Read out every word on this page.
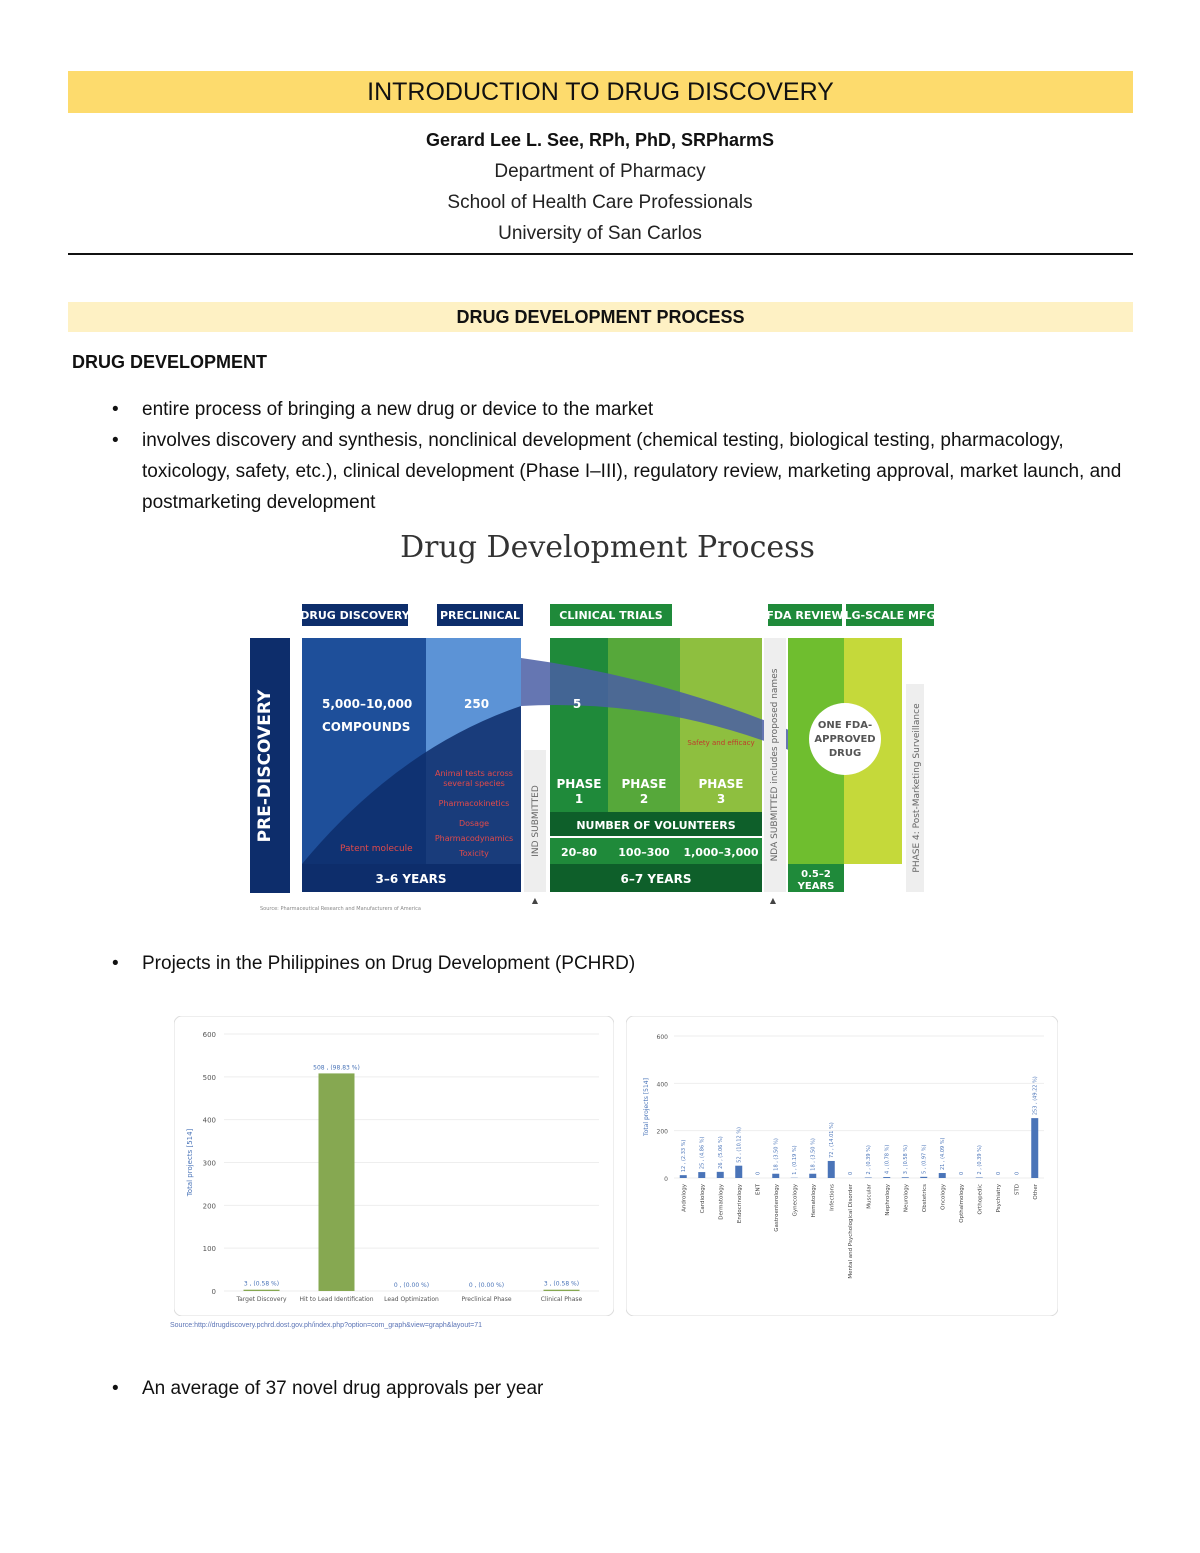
INTRODUCTION TO DRUG DISCOVERY
Gerard Lee L. See, RPh, PhD, SRPharmS
Department of Pharmacy
School of Health Care Professionals
University of San Carlos
DRUG DEVELOPMENT PROCESS
DRUG DEVELOPMENT
•	entire process of bringing a new drug or device to the market
•	involves discovery and synthesis, nonclinical development (chemical testing, biological testing, pharmacology, toxicology, safety, etc.), clinical development (Phase I–III), regulatory review, marketing approval, market launch, and postmarketing development
Drug Development Process
PRE-DISCOVERY
3–6 YEARS
DRUG DISCOVERY	PRECLINICAL	CLINICAL TRIALS	FDA REVIEW LG-SCALE MFG
5,000–10,000
COMPOUNDS
250
Patent molecule
Animal tests across
several species
Pharmacokinetics
Dosage
Pharmacodynamics
Toxicity	IND SUBMITTED
▲
5
Safety and efficacy
PHASE
1
PHASE
2
PHASE
3
NUMBER OF VOLUNTEERS
20–80 100–300 1,000–3,000
6–7 YEARS
NDA SUBMITTED includes proposed names
▲
0.5–2
YEARS
ONE FDA-
APPROVED
DRUG	PHASE 4: Post-Marketing Surveillance
Source: Pharmaceutical Research and Manufacturers of America
•	Projects in the Philippines on Drug Development (PCHRD)
0
100
200
300
400
500
600
Total projects [514]
3 , (0.58 %)
Target Discovery
508 , (98.83 %)
Hit to Lead Identification
0 , (0.00 %)
Lead Optimization
0 , (0.00 %)
Preclinical Phase
3 , (0.58 %)
Clinical Phase
0
200
400
600
Total projects [514]
12 , (2.33 %)
Andrology
25 , (4.86 %)
Cardiology
26 , (5.06 %)
Dermatology
52 , (10.12 %)
Endocrinology
0
ENT
18 , (3.50 %)
Gastroenterology
1 , (0.19 %)
Gynecology
18 , (3.50 %)
Hematology
72 , (14.01 %)
Infections
0
Mental and Psychological Disorder
2 , (0.39 %)
Muscular
4 , (0.78 %)
Nephrology
3 , (0.58 %)
Neurology
5 , (0.97 %)
Obstetrics
21 , (4.09 %)
Oncology
0
Opthalmology
2 , (0.39 %)
Orthopedic
0
Psychiatry
0
STD
253 , (49.22 %)
Other
Source:http://drugdiscovery.pchrd.dost.gov.ph/index.php?option=com_graph&view=graph&layout=71
•	An average of 37 novel drug approvals per year
